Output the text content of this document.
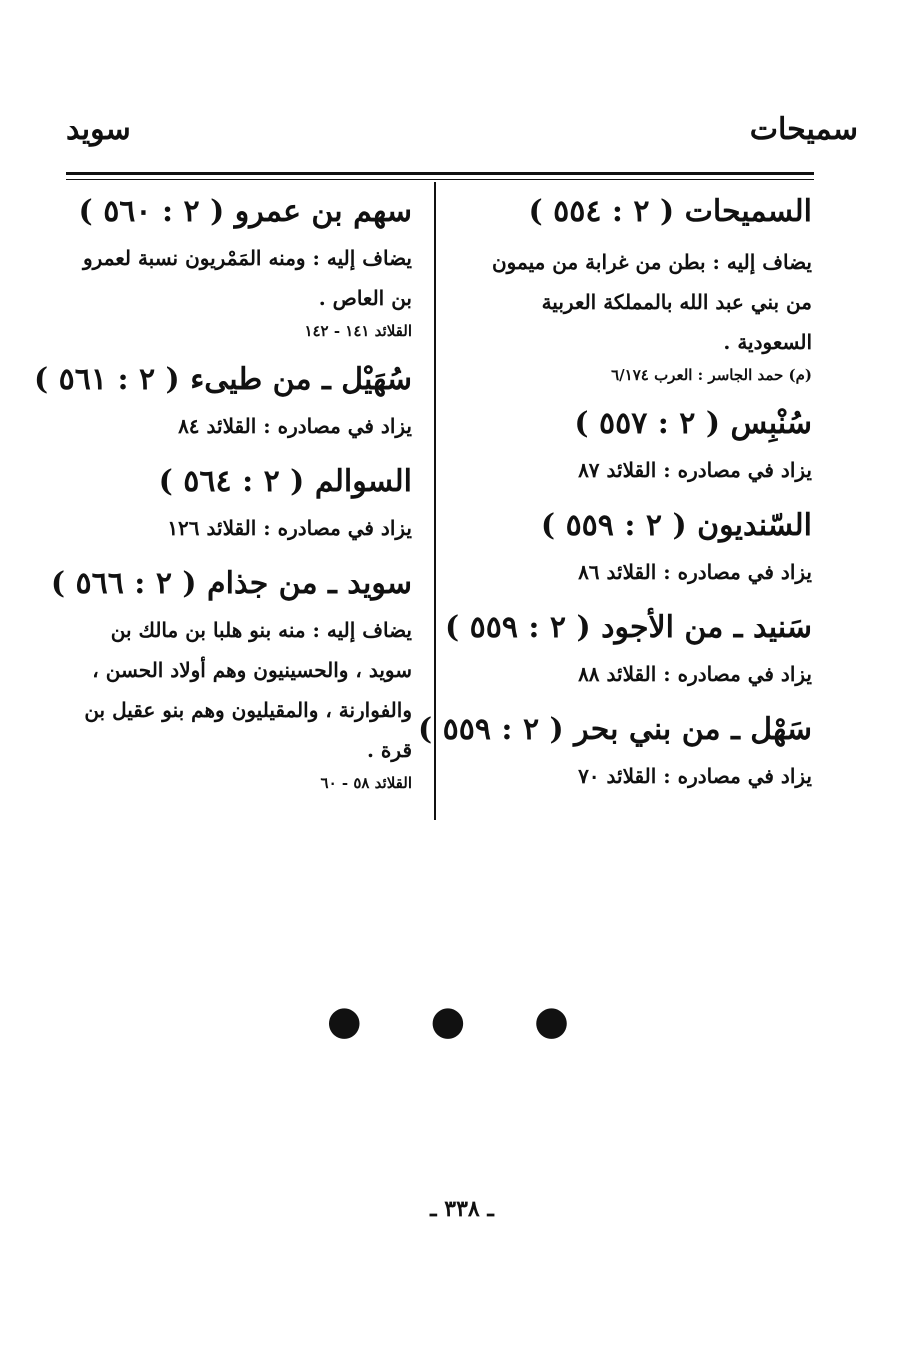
سميحات
سويد
السميحات ( ٢ : ٥٥٤ )
يضاف إليه : بطن من غرابة من ميمون من بني عبد الله بالمملكة العربية السعودية .
(م) حمد الجاسر : العرب ٦/١٧٤
سُنْبِس ( ٢ : ٥٥٧ )
يزاد في مصادره : القلائد ٨٧
السّنديون ( ٢ : ٥٥٩ )
يزاد في مصادره : القلائد ٨٦
سَنيد ـ من الأجود ( ٢ : ٥٥٩ )
يزاد في مصادره : القلائد ٨٨
سَهْل ـ من بني بحر ( ٢ : ٥٥٩ )
يزاد في مصادره : القلائد ٧٠
سهم بن عمرو ( ٢ : ٥٦٠ )
يضاف إليه : ومنه المَمْريون نسبة لعمرو بن العاص .
القلائد ١٤١ - ١٤٢
سُهَيْل ـ من طيىء ( ٢ : ٥٦١ )
يزاد في مصادره : القلائد ٨٤
السوالم ( ٢ : ٥٦٤ )
يزاد في مصادره : القلائد ١٢٦
سويد ـ من جذام ( ٢ : ٥٦٦ )
يضاف إليه : منه بنو هلبا بن مالك بن سويد ، والحسينيون وهم أولاد الحسن ، والفوارنة ، والمقيليون وهم بنو عقيل بن قرة .
القلائد ٥٨ - ٦٠
● ● ●
ـ ٣٣٨ ـ
